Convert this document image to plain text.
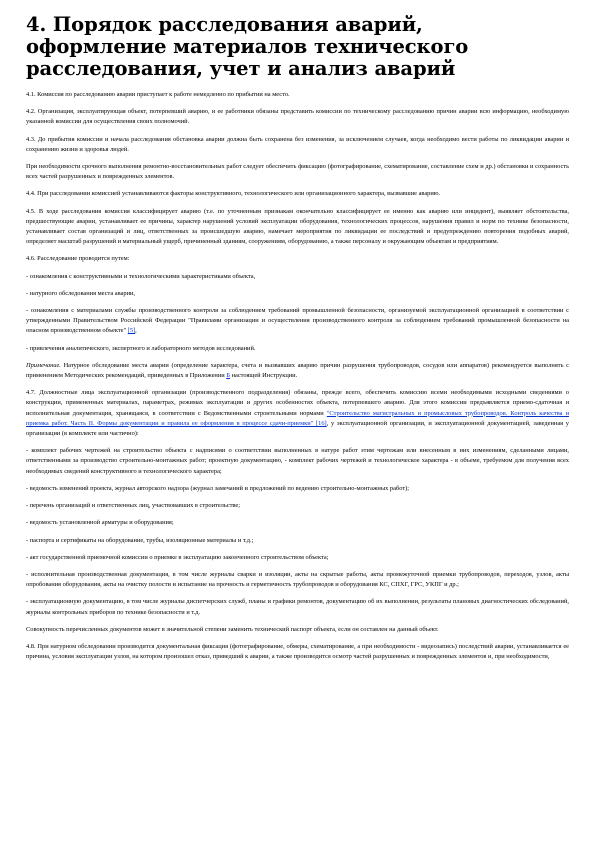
4. Порядок расследования аварий, оформление материалов технического расследования, учет и анализ аварий

4.1. Комиссия по расследованию аварии приступает к работе немедленно по прибытии на место.

4.2. Организация, эксплуатирующая объект, потерпевший аварию, и ее работники обязаны представить комиссии по техническому расследованию причин аварии всю информацию, необходимую указанной комиссии для осуществления своих полномочий.

4.3. До прибытия комиссии и начала расследования обстановка аварии должна быть сохранена без изменения, за исключением случаев, когда необходимо вести работы по ликвидации аварии и сохранению жизни и здоровья людей.

При необходимости срочного выполнения ремонтно-восстановительных работ следует обеспечить фиксацию (фотографирование, схематирование, составление схем и др.) обстановки и сохранность всех частей разрушенных и поврежденных элементов.

4.4. При расследовании комиссией устанавливаются факторы конструктивного, технологического или организационного характера, вызвавшие аварию.

4.5. В ходе расследования комиссия классифицирует аварию (т.е. по уточненным признакам окончательно классифицирует ее именно как аварию или инцидент), выявляет обстоятельства, предшествующие аварии, устанавливает ее причины, характер нарушений условий эксплуатации оборудования, технологических процессов, нарушения правил и норм по технике безопасности, устанавливает состав организаций и лиц, ответственных за происшедшую аварию, намечает мероприятия по ликвидации ее последствий и предупреждению повторения подобных аварий, определяет масштаб разрушений и материальный ущерб, причиненный зданиям, сооружениям, оборудованию, а также персоналу и окружающим объектам и предприятиям.

4.6. Расследование проводится путем:

- ознакомления с конструктивными и технологическими характеристиками объекта,

- натурного обследования места аварии,

- ознакомления с материалами службы производственного контроля за соблюдением требований промышленной безопасности, организуемой эксплуатационной организацией в соответствии с утвержденными Правительством Российской Федерации "Правилами организации и осуществления производственного контроля за соблюдением требований промышленной безопасности на опасном производственном объекте" [5],

- привлечения аналитического, экспертного и лабораторного методов исследований.

Примечание. Натурное обследование места аварии (определение характера, счета и вызвавших аварию причин разрушения трубопроводов, сосудов или аппаратов) рекомендуется выполнять с применением Методических рекомендаций, приведенных в Приложении Б настоящей Инструкции.

4.7. Должностные лица эксплуатационной организации (производственного подразделения) обязаны, прежде всего, обеспечить комиссию всеми необходимыми исходными сведениями о конструкции, примененных материалах, параметрах, режимах эксплуатации и других особенностях объекта, потерпевшего аварию. Для этого комиссии предъявляется приемо-сдаточная и исполнительная документация, хранящаяся, в соответствии с Ведомственными строительными нормами "Строительство магистральных и промысловых трубопроводов. Контроль качества и приемка работ. Часть II. Формы документации и правила ее оформления в процессе сдачи-приемки" [16], у эксплуатационной организации, и эксплуатационной документацией, заведенная у организации (в комплекте или частично):

- комплект рабочих чертежей на строительство объекта с надписями о соответствии выполненных в натуре работ этим чертежам или внесенным в них изменениям, сделанными лицами, ответственными за производство строительно-монтажных работ; проектную документацию, - комплект рабочих чертежей и технологическое характера - в объеме, требуемом для получения всех необходимых сведений конструктивного и технологического характера;

- ведомость изменений проекта, журнал авторского надзора (журнал замечаний и предложений по ведению строительно-монтажных работ);

- перечень организаций и ответственных лиц, участвовавших в строительстве;

- ведомость установленной арматуры и оборудования;

- паспорта и сертификаты на оборудование, трубы, изоляционные материалы и т.д.;

- акт государственной приемочной комиссии о приемке в эксплуатацию законченного строительством объекта;

- исполнительная производственная документация, в том числе журналы сварки и изоляции, акты на скрытые работы, акты промежуточной приемки трубопроводов, переходов, узлов, акты опробования оборудования, акты на очистку полости и испытание на прочность и герметичность трубопроводов и оборудования КС, СПХГ, ГРС, УКПГ и др.;

- эксплуатационную документацию, в том числе журналы диспетчерских служб, планы и графики ремонтов, документацию об их выполнении, результаты плановых диагностических обследований, журналы контрольных приборов по технике безопасности и т.д.

Совокупность перечисленных документов может в значительной степени заменить технический паспорт объекта, если он составлен на данный объект.

4.8. При натурном обследовании производится документальная фиксация (фотографирование, обмеры, схематирование, а при необходимости - видеозапись) последствий аварии, устанавливается ее причина, условия эксплуатации узлов, на котором произошел отказ, приведший к аварии, а также производится осмотр частей разрушенных и поврежденных элементов и, при необходимости,
